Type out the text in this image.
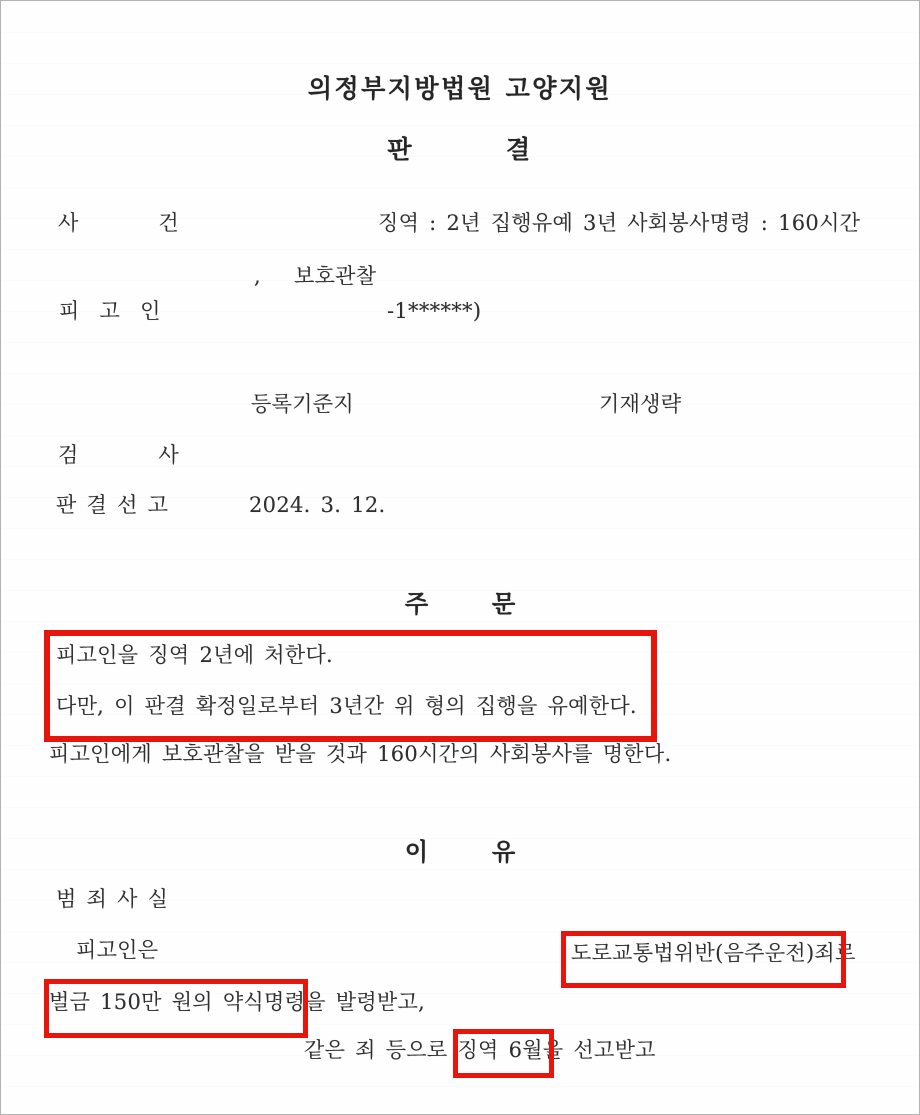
의정부지방법원 고양지원
판	결
사        건	징역 : 2년 집행유예 3년 사회봉사명령 : 160시간
, 보호관찰
피  고  인	-1******)
등록기준지	기재생략
검        사
판 결 선 고	2024. 3. 12.
주	문
피고인을 징역 2년에 처한다.
다만, 이 판결 확정일로부터 3년간 위 형의 집행을 유예한다.
피고인에게 보호관찰을 받을 것과 160시간의 사회봉사를 명한다.
이	유
범 죄 사 실
피고인은	도로교통법위반(음주운전)죄로
벌금 150만 원의 약식명령을 발령받고,
같은 죄 등으로 징역 6월을 선고받고
